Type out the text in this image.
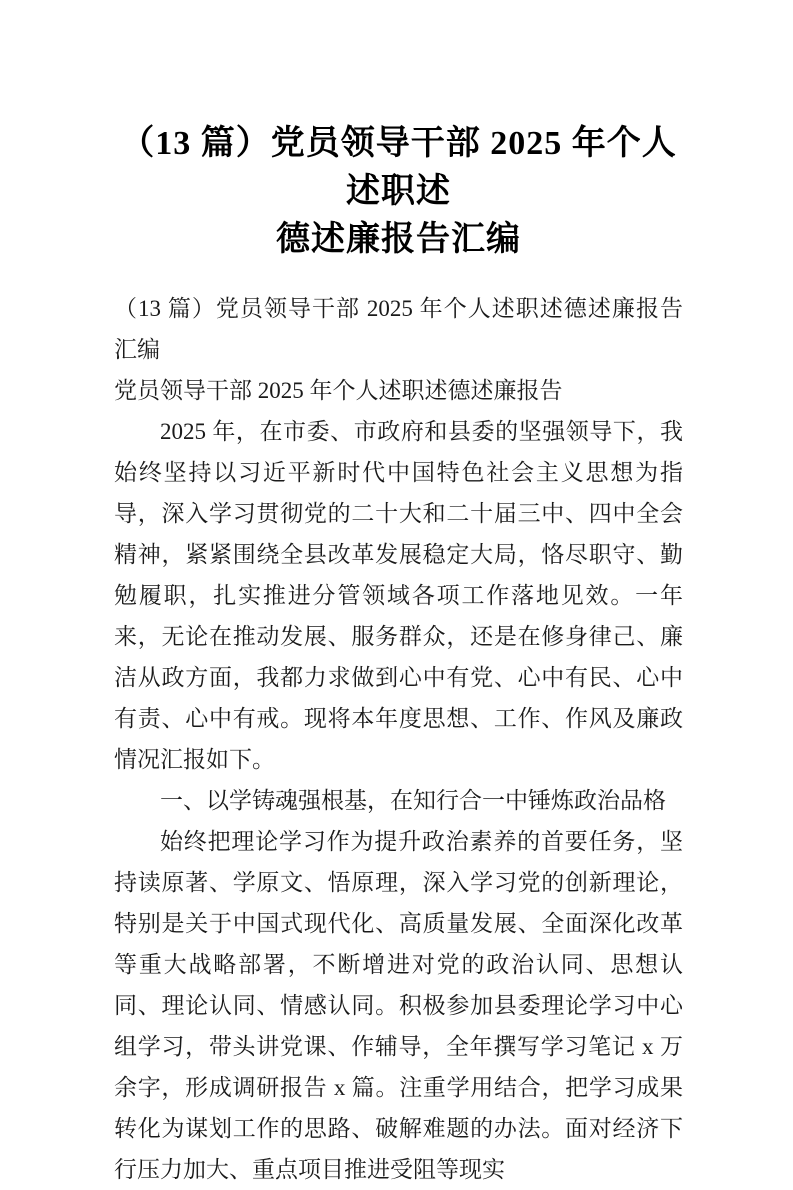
（13 篇）党员领导干部 2025 年个人述职述
德述廉报告汇编

（13 篇）党员领导干部 2025 年个人述职述德述廉报告汇编

党员领导干部 2025 年个人述职述德述廉报告

2025 年，在市委、市政府和县委的坚强领导下，我始终坚持以习近平新时代中国特色社会主义思想为指导，深入学习贯彻党的二十大和二十届三中、四中全会精神，紧紧围绕全县改革发展稳定大局，恪尽职守、勤勉履职，扎实推进分管领域各项工作落地见效。一年来，无论在推动发展、服务群众，还是在修身律己、廉洁从政方面，我都力求做到心中有党、心中有民、心中有责、心中有戒。现将本年度思想、工作、作风及廉政情况汇报如下。

一、以学铸魂强根基，在知行合一中锤炼政治品格

始终把理论学习作为提升政治素养的首要任务，坚持读原著、学原文、悟原理，深入学习党的创新理论，特别是关于中国式现代化、高质量发展、全面深化改革等重大战略部署，不断增进对党的政治认同、思想认同、理论认同、情感认同。积极参加县委理论学习中心组学习，带头讲党课、作辅导，全年撰写学习笔记 x 万余字，形成调研报告 x 篇。注重学用结合，把学习成果转化为谋划工作的思路、破解难题的办法。面对经济下行压力加大、重点项目推进受阻等现实
